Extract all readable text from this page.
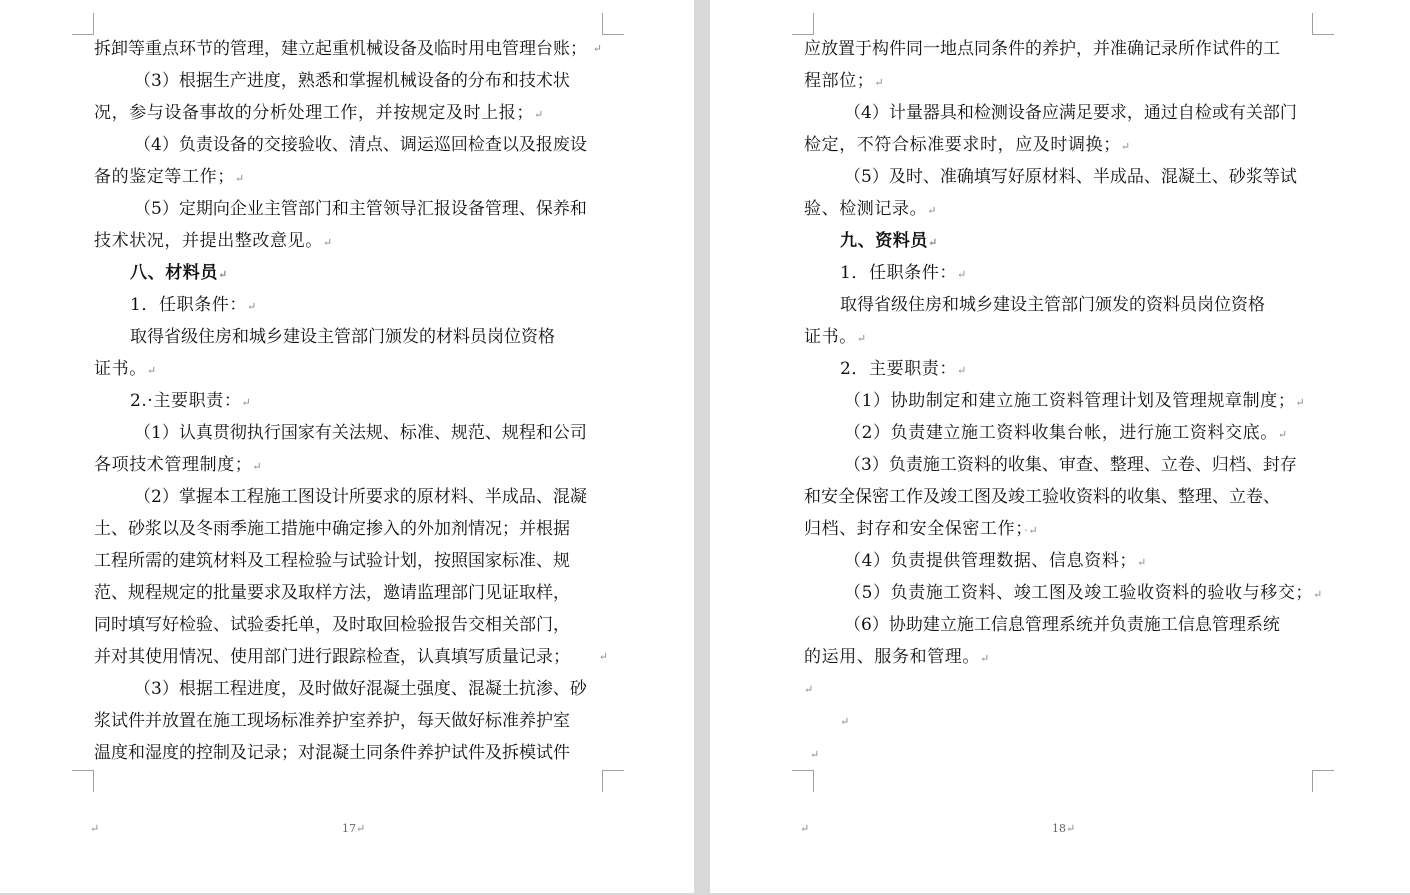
拆卸等重点环节的管理，建立起重机械设备及临时用电管理台账； ↵
（3）根据生产进度，熟悉和掌握机械设备的分布和技术状
况，参与设备事故的分析处理工作，并按规定及时上报；↵
（4）负责设备的交接验收、清点、调运巡回检查以及报废设
备的鉴定等工作；↵
（5）定期向企业主管部门和主管领导汇报设备管理、保养和
技术状况，并提出整改意见。↵
八、材料员↵
1．任职条件：↵
取得省级住房和城乡建设主管部门颁发的材料员岗位资格
证书。↵
2.·主要职责：↵
（1）认真贯彻执行国家有关法规、标准、规范、规程和公司
各项技术管理制度；↵
（2）掌握本工程施工图设计所要求的原材料、半成品、混凝
土、砂浆以及冬雨季施工措施中确定掺入的外加剂情况；并根据
工程所需的建筑材料及工程检验与试验计划，按照国家标准、规
范、规程规定的批量要求及取样方法，邀请监理部门见证取样，
同时填写好检验、试验委托单，及时取回检验报告交相关部门，
并对其使用情况、使用部门进行跟踪检查，认真填写质量记录；	↵
（3）根据工程进度，及时做好混凝土强度、混凝土抗渗、砂
浆试件并放置在施工现场标准养护室养护，每天做好标准养护室
温度和湿度的控制及记录；对混凝土同条件养护试件及拆模试件
↵	17↵
应放置于构件同一地点同条件的养护，并准确记录所作试件的工
程部位；↵
（4）计量器具和检测设备应满足要求，通过自检或有关部门
检定，不符合标准要求时，应及时调换；↵
（5）及时、准确填写好原材料、半成品、混凝土、砂浆等试
验、检测记录。↵
九、资料员↵
1．任职条件：↵
取得省级住房和城乡建设主管部门颁发的资料员岗位资格
证书。↵
2．主要职责：↵
（1）协助制定和建立施工资料管理计划及管理规章制度；↵
（2）负责建立施工资料收集台帐，进行施工资料交底。↵
（3）负责施工资料的收集、审查、整理、立卷、归档、封存
和安全保密工作及竣工图及竣工验收资料的收集、整理、立卷、
归档、封存和安全保密工作；·↵
（4）负责提供管理数据、信息资料；↵
（5）负责施工资料、竣工图及竣工验收资料的验收与移交；↵
（6）协助建立施工信息管理系统并负责施工信息管理系统
的运用、服务和管理。↵
↵
↵
↵
↵	18↵
